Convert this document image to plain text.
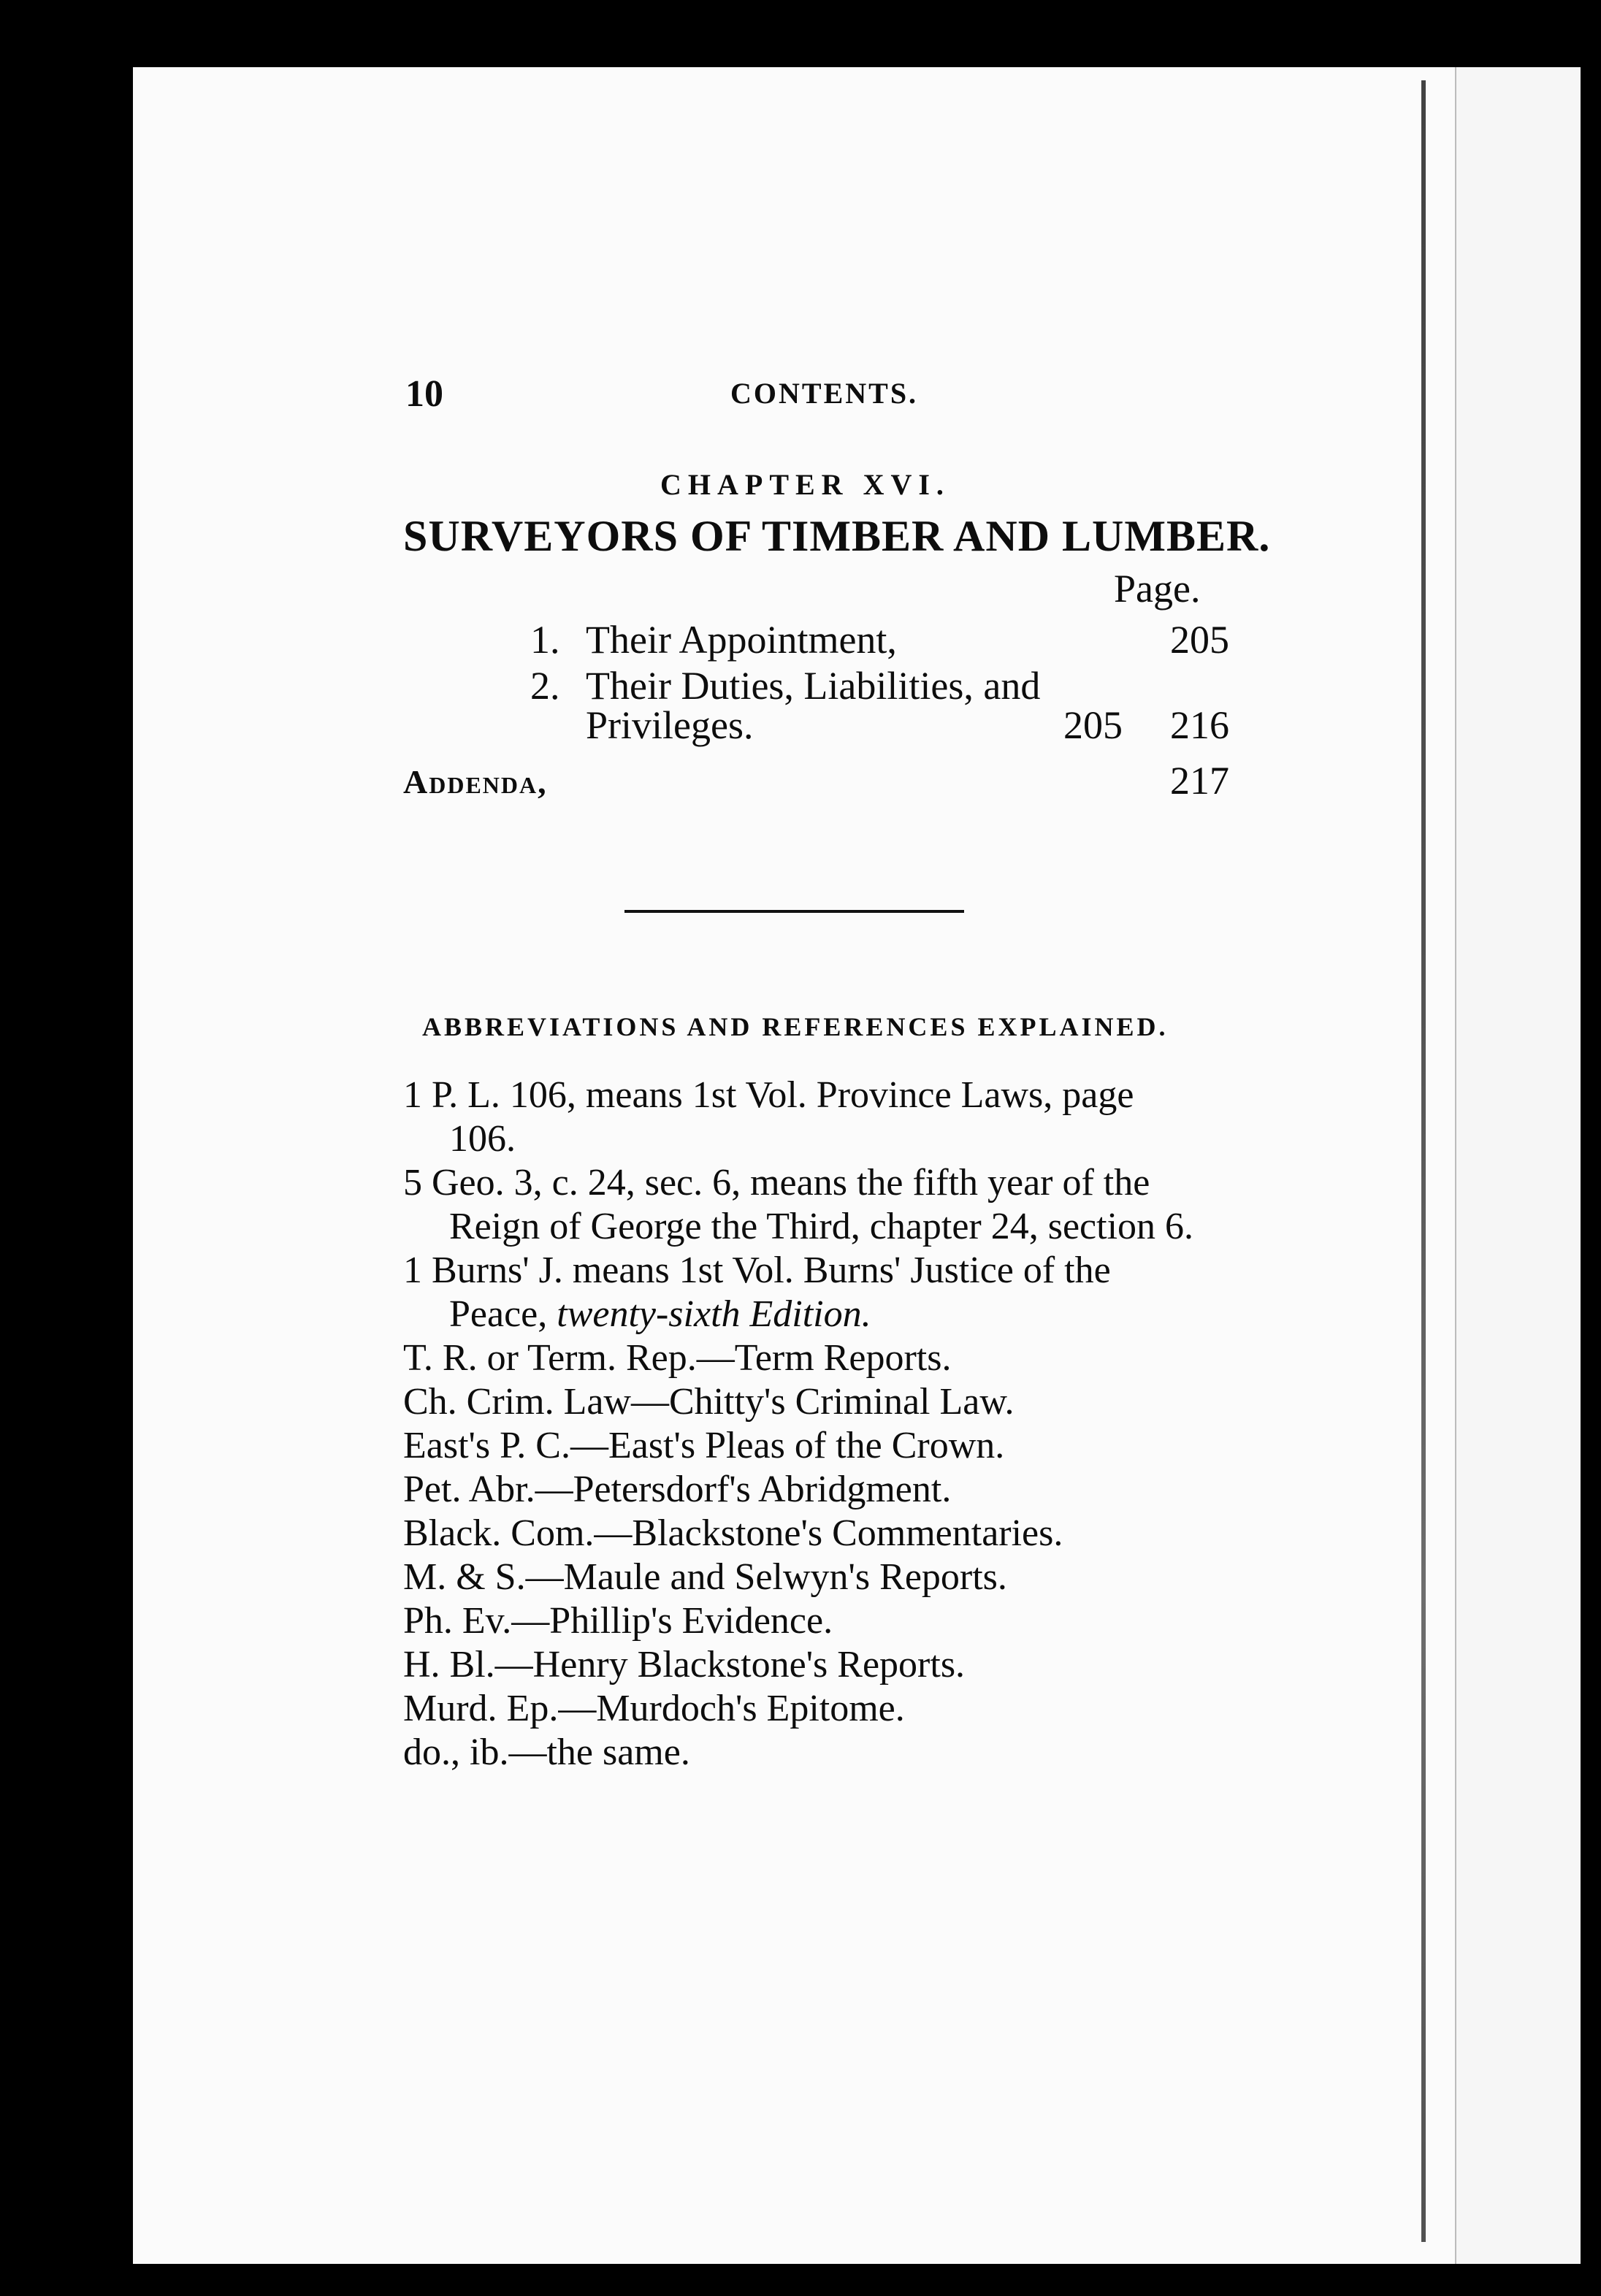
10	CONTENTS.
CHAPTER XVI.
SURVEYORS OF TIMBER AND LUMBER.
Page.
1. Their Appointment,	205
2. Their Duties, Liabilities, and
Privileges.	205 216
Addenda,	217
ABBREVIATIONS AND REFERENCES EXPLAINED.
1 P. L. 106, means 1st Vol. Province Laws, page
106.
5 Geo. 3, c. 24, sec. 6, means the fifth year of the
Reign of George the Third, chapter 24, section 6.
1 Burns' J. means 1st Vol. Burns' Justice of the
Peace, twenty-sixth Edition.
T. R. or Term. Rep.—Term Reports.
Ch. Crim. Law—Chitty's Criminal Law.
East's P. C.—East's Pleas of the Crown.
Pet. Abr.—Petersdorf's Abridgment.
Black. Com.—Blackstone's Commentaries.
M. & S.—Maule and Selwyn's Reports.
Ph. Ev.—Phillip's Evidence.
H. Bl.—Henry Blackstone's Reports.
Murd. Ep.—Murdoch's Epitome.
do., ib.—the same.
